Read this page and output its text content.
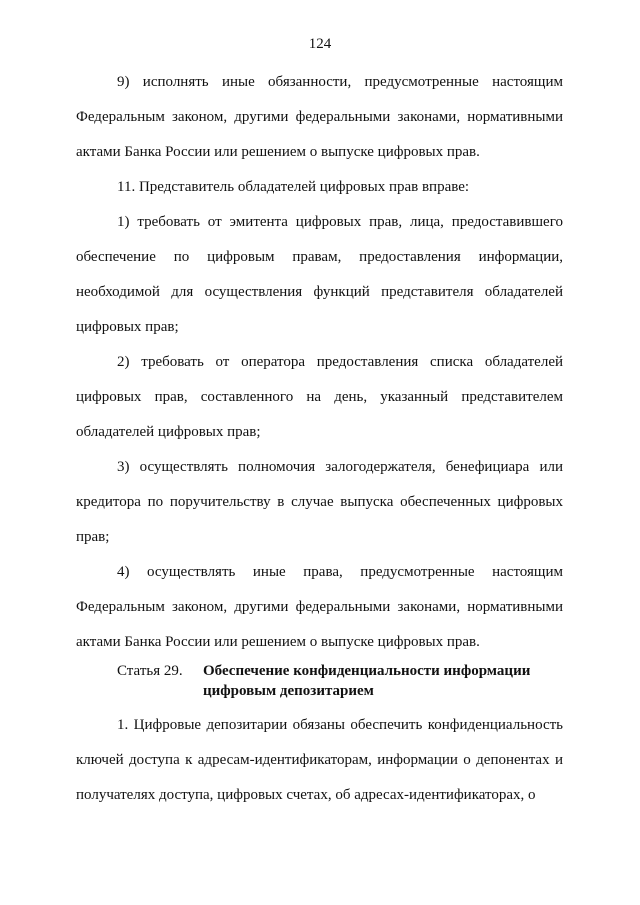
124

9) исполнять иные обязанности, предусмотренные настоящим Федеральным законом, другими федеральными законами, нормативными актами Банка России или решением о выпуске цифровых прав.

11. Представитель обладателей цифровых прав вправе:

1) требовать от эмитента цифровых прав, лица, предоставившего обеспечение по цифровым правам, предоставления информации, необходимой для осуществления функций представителя обладателей цифровых прав;

2) требовать от оператора предоставления списка обладателей цифровых прав, составленного на день, указанный представителем обладателей цифровых прав;

3) осуществлять полномочия залогодержателя, бенефициара или кредитора по поручительству в случае выпуска обеспеченных цифровых прав;

4) осуществлять иные права, предусмотренные настоящим Федеральным законом, другими федеральными законами, нормативными актами Банка России или решением о выпуске цифровых прав.

Статья 29. Обеспечение конфиденциальности информации цифровым депозитарием

1. Цифровые депозитарии обязаны обеспечить конфиденциальность ключей доступа к адресам-идентификаторам, информации о депонентах и получателях доступа, цифровых счетах, об адресах-идентификаторах, о
